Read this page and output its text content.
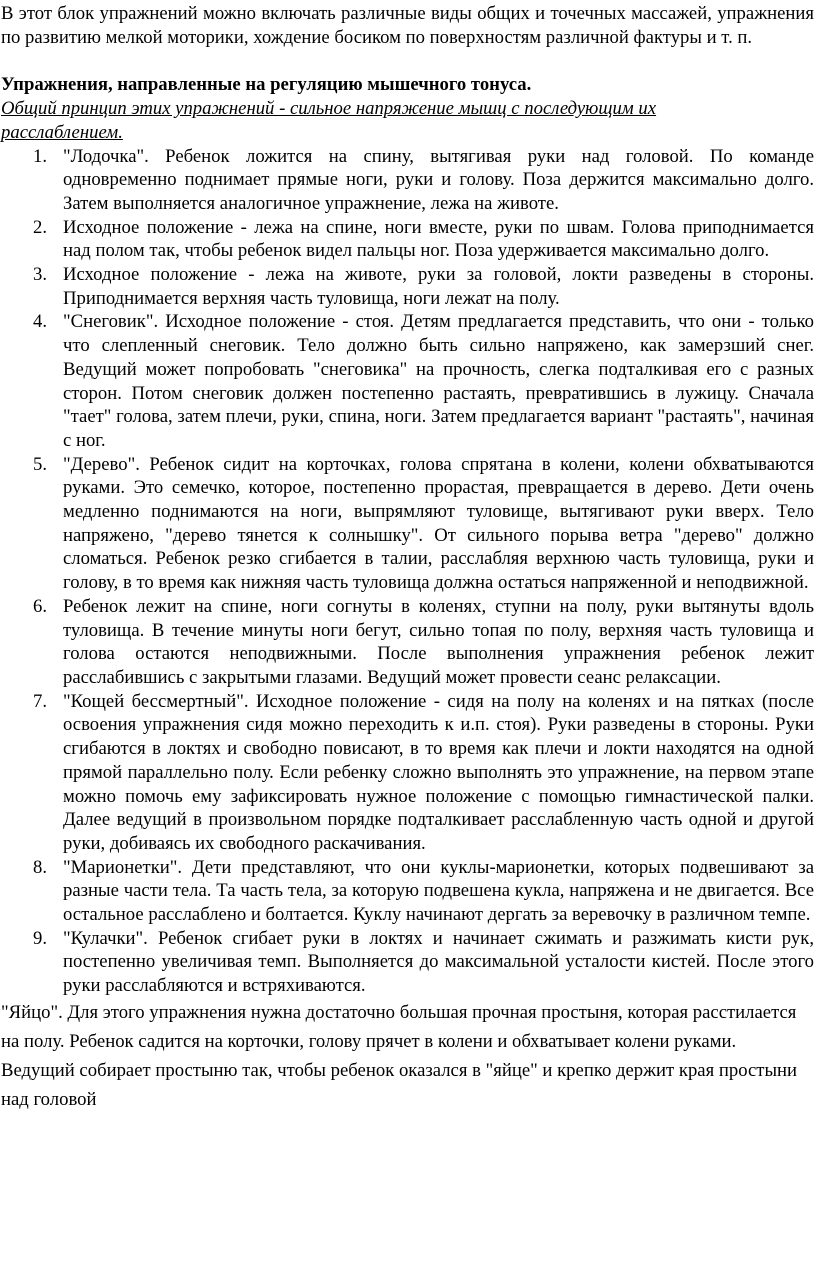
В этот блок упражнений можно включать различные виды общих и точечных массажей, упражнения по развитию мелкой моторики, хождение босиком по поверхностям различной фактуры и т. п.

Упражнения, направленные на регуляцию мышечного тонуса.

Общий принцип этих упражнений - сильное напряжение мышц с последующим их расслаблением.

1. "Лодочка". Ребенок ложится на спину, вытягивая руки над головой. По команде одновременно поднимает прямые ноги, руки и голову. Поза держится максимально долго. Затем выполняется аналогичное упражнение, лежа на животе.
2. Исходное положение - лежа на спине, ноги вместе, руки по швам. Голова приподнимается над полом так, чтобы ребенок видел пальцы ног. Поза удерживается максимально долго.
3. Исходное положение - лежа на животе, руки за головой, локти разведены в стороны. Приподнимается верхняя часть туловища, ноги лежат на полу.
4. "Снеговик". Исходное положение - стоя. Детям предлагается представить, что они - только что слепленный снеговик. Тело должно быть сильно напряжено, как замерзший снег. Ведущий может попробовать "снеговика" на прочность, слегка подталкивая его с разных сторон. Потом снеговик должен постепенно растаять, превратившись в лужицу. Сначала "тает" голова, затем плечи, руки, спина, ноги. Затем предлагается вариант "растаять", начиная с ног.
5. "Дерево". Ребенок сидит на корточках, голова спрятана в колени, колени обхватываются руками. Это семечко, которое, постепенно прорастая, превращается в дерево. Дети очень медленно поднимаются на ноги, выпрямляют туловище, вытягивают руки вверх. Тело напряжено, "дерево тянется к солнышку". От сильного порыва ветра "дерево" должно сломаться. Ребенок резко сгибается в талии, расслабляя верхнюю часть туловища, руки и голову, в то время как нижняя часть туловища должна остаться напряженной и неподвижной.
6. Ребенок лежит на спине, ноги согнуты в коленях, ступни на полу, руки вытянуты вдоль туловища. В течение минуты ноги бегут, сильно топая по полу, верхняя часть туловища и голова остаются неподвижными. После выполнения упражнения ребенок лежит расслабившись с закрытыми глазами. Ведущий может провести сеанс релаксации.
7. "Кощей бессмертный". Исходное положение - сидя на полу на коленях и на пятках (после освоения упражнения сидя можно переходить к и.п. стоя). Руки разведены в стороны. Руки сгибаются в локтях и свободно повисают, в то время как плечи и локти находятся на одной прямой параллельно полу. Если ребенку сложно выполнять это упражнение, на первом этапе можно помочь ему зафиксировать нужное положение с помощью гимнастической палки. Далее ведущий в произвольном порядке подталкивает расслабленную часть одной и другой руки, добиваясь их свободного раскачивания.
8. "Марионетки". Дети представляют, что они куклы-марионетки, которых подвешивают за разные части тела. Та часть тела, за которую подвешена кукла, напряжена и не двигается. Все остальное расслаблено и болтается. Куклу начинают дергать за веревочку в различном темпе.
9. "Кулачки". Ребенок сгибает руки в локтях и начинает сжимать и разжимать кисти рук, постепенно увеличивая темп. Выполняется до максимальной усталости кистей. После этого руки расслабляются и встряхиваются.

"Яйцо". Для этого упражнения нужна достаточно большая прочная простыня, которая расстилается на полу. Ребенок садится на корточки, голову прячет в колени и обхватывает колени руками. Ведущий собирает простыню так, чтобы ребенок оказался в "яйце" и крепко держит края простыни над головой
